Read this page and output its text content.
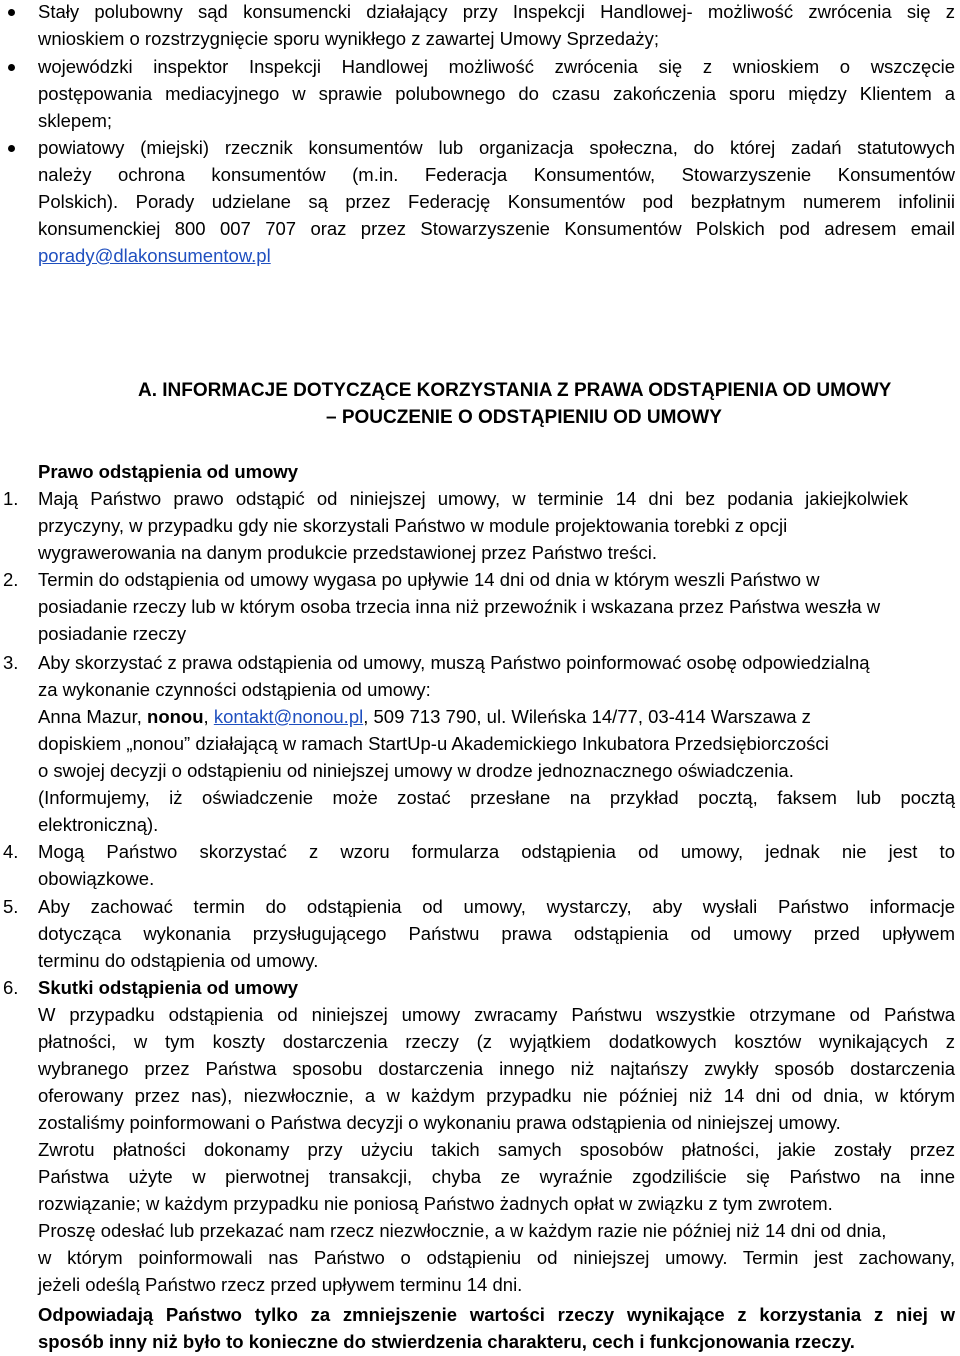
Stały polubowny sąd konsumencki działający przy Inspekcji Handlowej- możliwość zwrócenia się z
wnioskiem o rozstrzygnięcie sporu wynikłego z zawartej Umowy Sprzedaży;
wojewódzki inspektor Inspekcji Handlowej możliwość zwrócenia się z wnioskiem o wszczęcie
postępowania mediacyjnego w sprawie polubownego do czasu zakończenia sporu między Klientem a
sklepem;
powiatowy (miejski) rzecznik konsumentów lub organizacja społeczna, do której zadań statutowych
należy ochrona konsumentów (m.in. Federacja Konsumentów, Stowarzyszenie Konsumentów
Polskich). Porady udzielane są przez Federację Konsumentów pod bezpłatnym numerem infolinii
konsumenckiej 800 007 707 oraz przez Stowarzyszenie Konsumentów Polskich pod adresem email
porady@dlakonsumentow.pl
A. INFORMACJE DOTYCZĄCE KORZYSTANIA Z PRAWA ODSTĄPIENIA OD UMOWY
– POUCZENIE O ODSTĄPIENIU OD UMOWY
Prawo odstąpienia od umowy
1. Mają Państwo prawo odstąpić od niniejszej umowy, w terminie 14 dni bez podania jakiejkolwiek
przyczyny, w przypadku gdy nie skorzystali Państwo w module projektowania torebki z opcji
wygrawerowania na danym produkcie przedstawionej przez Państwo treści.
2. Termin do odstąpienia od umowy wygasa po upływie 14 dni od dnia w którym weszli Państwo w
posiadanie rzeczy lub w którym osoba trzecia inna niż przewoźnik i wskazana przez Państwa weszła w
posiadanie rzeczy
3. Aby skorzystać z prawa odstąpienia od umowy, muszą Państwo poinformować osobę odpowiedzialną
za wykonanie czynności odstąpienia od umowy:
Anna Mazur, nonou, kontakt@nonou.pl, 509 713 790, ul. Wileńska 14/77, 03-414 Warszawa z
dopiskiem „nonou” działającą w ramach StartUp-u Akademickiego Inkubatora Przedsiębiorczości
o swojej decyzji o odstąpieniu od niniejszej umowy w drodze jednoznacznego oświadczenia.
(Informujemy, iż oświadczenie może zostać przesłane na przykład pocztą, faksem lub pocztą
elektroniczną).
4. Mogą Państwo skorzystać z wzoru formularza odstąpienia od umowy, jednak nie jest to
obowiązkowe.
5. Aby zachować termin do odstąpienia od umowy, wystarczy, aby wysłali Państwo informacje
dotycząca wykonania przysługującego Państwu prawa odstąpienia od umowy przed upływem
terminu do odstąpienia od umowy.
6. Skutki odstąpienia od umowy
W przypadku odstąpienia od niniejszej umowy zwracamy Państwu wszystkie otrzymane od Państwa
płatności, w tym koszty dostarczenia rzeczy (z wyjątkiem dodatkowych kosztów wynikających z
wybranego przez Państwa sposobu dostarczenia innego niż najtańszy zwykły sposób dostarczenia
oferowany przez nas), niezwłocznie, a w każdym przypadku nie później niż 14 dni od dnia, w którym
zostaliśmy poinformowani o Państwa decyzji o wykonaniu prawa odstąpienia od niniejszej umowy.
Zwrotu płatności dokonamy przy użyciu takich samych sposobów płatności, jakie zostały przez
Państwa użyte w pierwotnej transakcji, chyba ze wyraźnie zgodziliście się Państwo na inne
rozwiązanie; w każdym przypadku nie poniosą Państwo żadnych opłat w związku z tym zwrotem.
Proszę odesłać lub przekazać nam rzecz niezwłocznie, a w każdym razie nie później niż 14 dni od dnia,
w którym poinformowali nas Państwo o odstąpieniu od niniejszej umowy. Termin jest zachowany,
jeżeli odeślą Państwo rzecz przed upływem terminu 14 dni.
Odpowiadają Państwo tylko za zmniejszenie wartości rzeczy wynikające z korzystania z niej w
sposób inny niż było to konieczne do stwierdzenia charakteru, cech i funkcjonowania rzeczy.
